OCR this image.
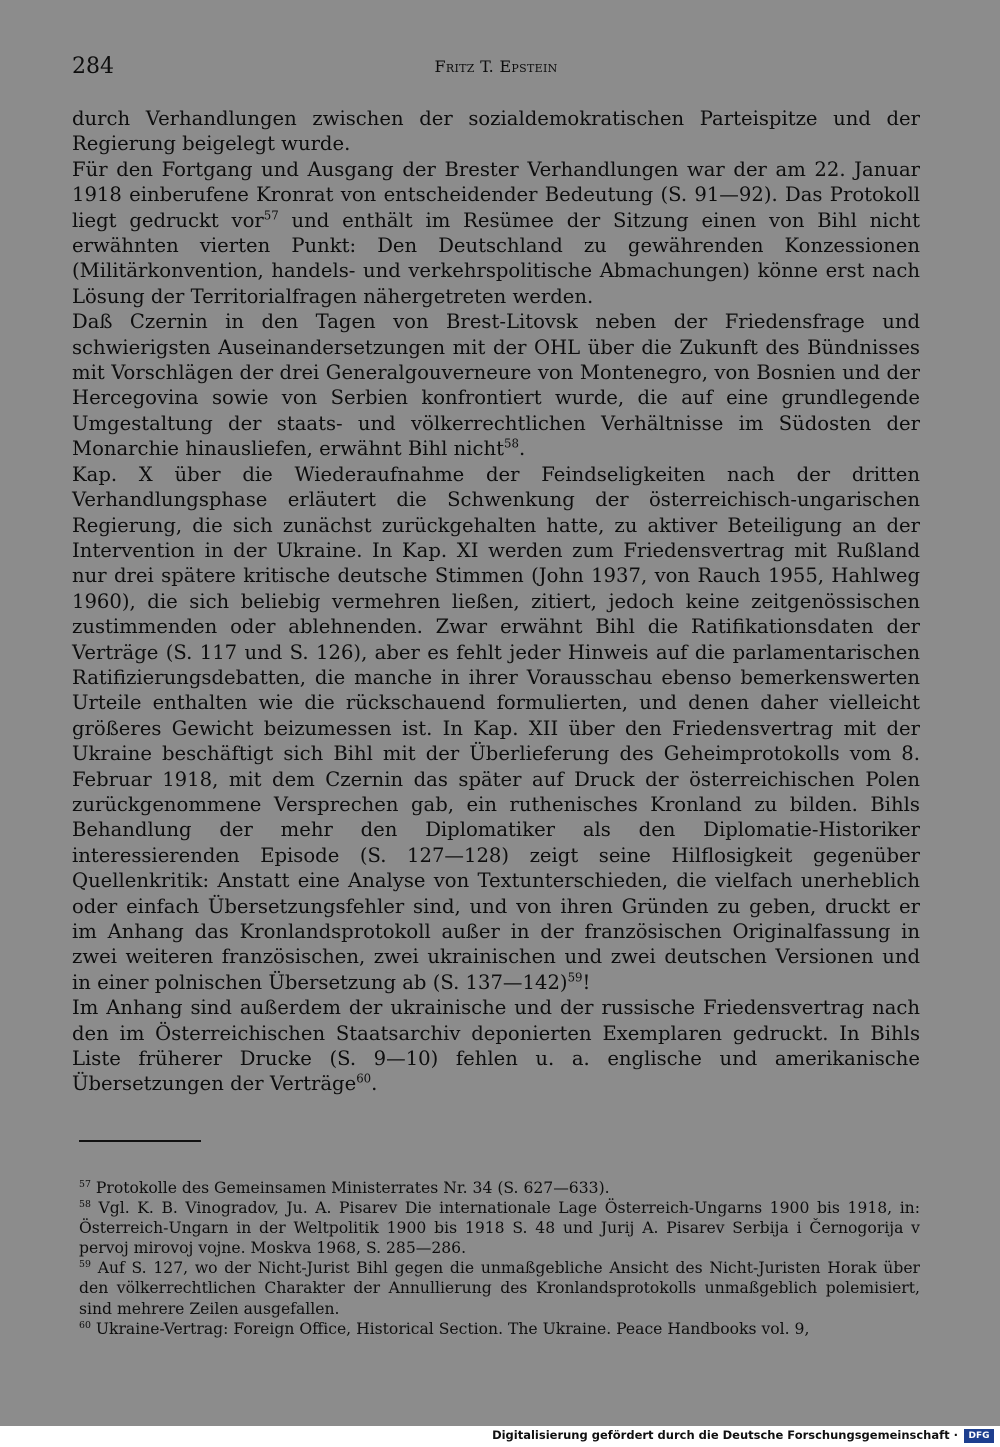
284	Fritz T. Epstein

durch Verhandlungen zwischen der sozialdemokratischen Parteispitze und der Regierung beigelegt wurde.

Für den Fortgang und Ausgang der Brester Verhandlungen war der am 22. Januar 1918 einberufene Kronrat von entscheidender Bedeutung (S. 91—92). Das Protokoll liegt gedruckt vor$^{57}$ und enthält im Resümee der Sitzung einen von Bihl nicht erwähnten vierten Punkt: Den Deutschland zu gewährenden Konzessionen (Militärkonvention, handels- und verkehrspolitische Abmachungen) könne erst nach Lösung der Territorialfragen nähergetreten werden.

Daß Czernin in den Tagen von Brest-Litovsk neben der Friedensfrage und schwierigsten Auseinandersetzungen mit der OHL über die Zukunft des Bündnisses mit Vorschlägen der drei Generalgouverneure von Montenegro, von Bosnien und der Hercegovina sowie von Serbien konfrontiert wurde, die auf eine grundlegende Umgestaltung der staats- und völkerrechtlichen Verhältnisse im Südosten der Monarchie hinausliefen, erwähnt Bihl nicht$^{58}$.

Kap. X über die Wiederaufnahme der Feindseligkeiten nach der dritten Verhandlungsphase erläutert die Schwenkung der österreichisch-ungarischen Regierung, die sich zunächst zurückgehalten hatte, zu aktiver Beteiligung an der Intervention in der Ukraine. In Kap. XI werden zum Friedensvertrag mit Rußland nur drei spätere kritische deutsche Stimmen (John 1937, von Rauch 1955, Hahlweg 1960), die sich beliebig vermehren ließen, zitiert, jedoch keine zeitgenössischen zustimmenden oder ablehnenden. Zwar erwähnt Bihl die Ratifikationsdaten der Verträge (S. 117 und S. 126), aber es fehlt jeder Hinweis auf die parlamentarischen Ratifizierungsdebatten, die manche in ihrer Vorausschau ebenso bemerkenswerten Urteile enthalten wie die rückschauend formulierten, und denen daher vielleicht größeres Gewicht beizumessen ist. In Kap. XII über den Friedensvertrag mit der Ukraine beschäftigt sich Bihl mit der Überlieferung des Geheimprotokolls vom 8. Februar 1918, mit dem Czernin das später auf Druck der österreichischen Polen zurückgenommene Versprechen gab, ein ruthenisches Kronland zu bilden. Bihls Behandlung der mehr den Diplomatiker als den Diplomatie-Historiker interessierenden Episode (S. 127—128) zeigt seine Hilflosigkeit gegenüber Quellenkritik: Anstatt eine Analyse von Textunterschieden, die vielfach unerheblich oder einfach Übersetzungsfehler sind, und von ihren Gründen zu geben, druckt er im Anhang das Kronlandsprotokoll außer in der französischen Originalfassung in zwei weiteren französischen, zwei ukrainischen und zwei deutschen Versionen und in einer polnischen Übersetzung ab (S. 137—142)$^{59}$!

Im Anhang sind außerdem der ukrainische und der russische Friedensvertrag nach den im Österreichischen Staatsarchiv deponierten Exemplaren gedruckt. In Bihls Liste früherer Drucke (S. 9—10) fehlen u. a. englische und amerikanische Übersetzungen der Verträge$^{60}$.

$^{57}$ Protokolle des Gemeinsamen Ministerrates Nr. 34 (S. 627—633).

$^{58}$ Vgl. K. B. Vinogradov, Ju. A. Pisarev Die internationale Lage Österreich-Ungarns 1900 bis 1918, in: Österreich-Ungarn in der Weltpolitik 1900 bis 1918 S. 48 und Jurij A. Pisarev Serbija i Černogorija v pervoj mirovoj vojne. Moskva 1968, S. 285—286.

$^{59}$ Auf S. 127, wo der Nicht-Jurist Bihl gegen die unmaßgebliche Ansicht des Nicht-Juristen Horak über den völkerrechtlichen Charakter der Annullierung des Kronlandsprotokolls unmaßgeblich polemisiert, sind mehrere Zeilen ausgefallen.

$^{60}$ Ukraine-Vertrag: Foreign Office, Historical Section. The Ukraine. Peace Handbooks vol. 9,

Digitalisierung gefördert durch die Deutsche Forschungsgemeinschaft ·	DFG
